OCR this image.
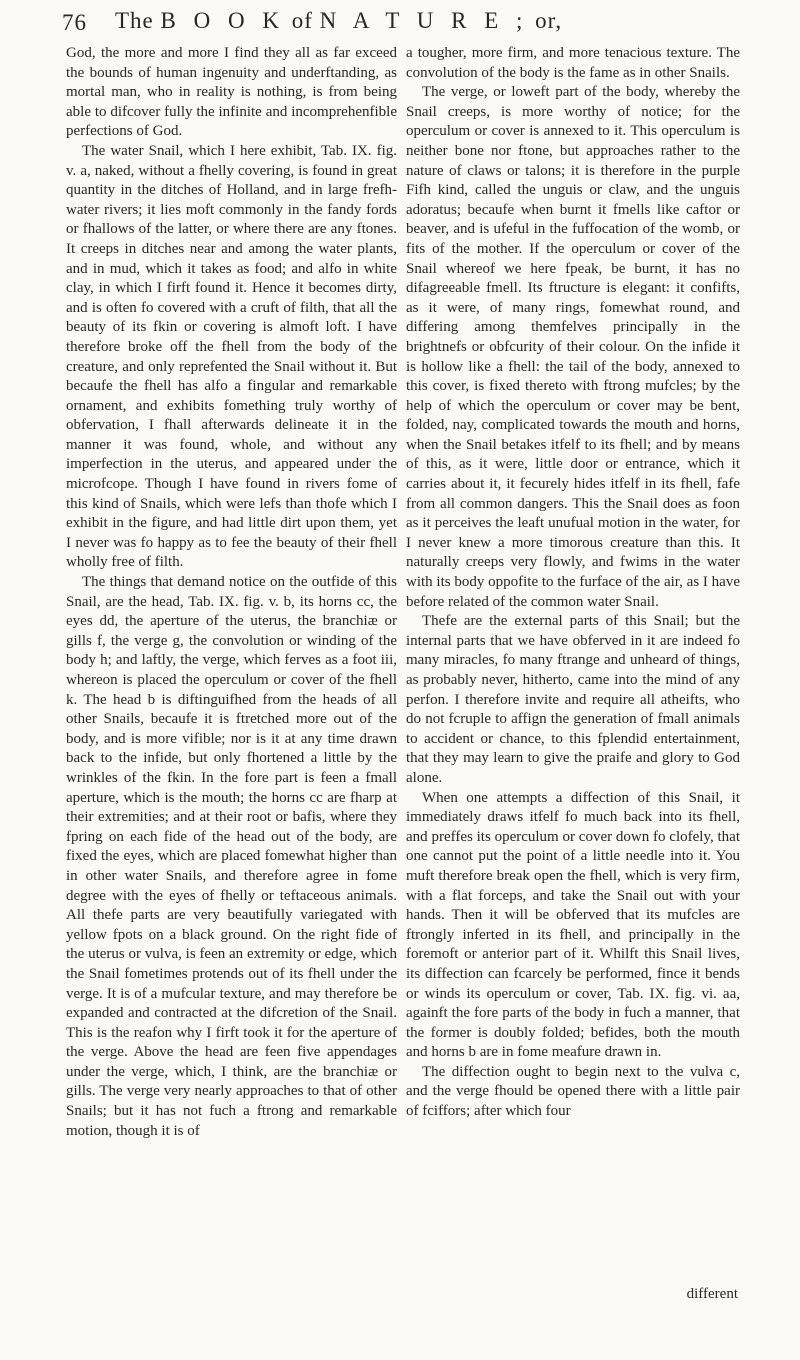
76 The B O O K of N A T U R E ; or,

God, the more and more I find they all as far exceed the bounds of human ingenuity and underftanding, as mortal man, who in reality is nothing, is from being able to difcover fully the infinite and incomprehenfible perfections of God.

The water Snail, which I here exhibit, Tab. IX. fig. v. a, naked, without a fhelly covering, is found in great quantity in the ditches of Holland, and in large frefh-water rivers; it lies moft commonly in the fandy fords or fhallows of the latter, or where there are any ftones. It creeps in ditches near and among the water plants, and in mud, which it takes as food; and alfo in white clay, in which I firft found it. Hence it becomes dirty, and is often fo covered with a cruft of filth, that all the beauty of its fkin or covering is almoft loft. I have therefore broke off the fhell from the body of the creature, and only reprefented the Snail without it. But becaufe the fhell has alfo a fingular and remarkable ornament, and exhibits fomething truly worthy of obfervation, I fhall afterwards delineate it in the manner it was found, whole, and without any imperfection in the uterus, and appeared under the microfcope. Though I have found in rivers fome of this kind of Snails, which were lefs than thofe which I exhibit in the figure, and had little dirt upon them, yet I never was fo happy as to fee the beauty of their fhell wholly free of filth.

The things that demand notice on the outfide of this Snail, are the head, Tab. IX. fig. v. b, its horns cc, the eyes dd, the aperture of the uterus, the branchiæ or gills f, the verge g, the convolution or winding of the body h; and laftly, the verge, which ferves as a foot iii, whereon is placed the operculum or cover of the fhell k. The head b is diftinguifhed from the heads of all other Snails, becaufe it is ftretched more out of the body, and is more vifible; nor is it at any time drawn back to the infide, but only fhortened a little by the wrinkles of the fkin. In the fore part is feen a fmall aperture, which is the mouth; the horns cc are fharp at their extremities; and at their root or bafis, where they fpring on each fide of the head out of the body, are fixed the eyes, which are placed fomewhat higher than in other water Snails, and therefore agree in fome degree with the eyes of fhelly or teftaceous animals. All thefe parts are very beautifully variegated with yellow fpots on a black ground. On the right fide of the uterus or vulva, is feen an extremity or edge, which the Snail fometimes protends out of its fhell under the verge. It is of a mufcular texture, and may therefore be expanded and contracted at the difcretion of the Snail. This is the reafon why I firft took it for the aperture of the verge. Above the head are feen five appendages under the verge, which, I think, are the branchiæ or gills. The verge very nearly approaches to that of other Snails; but it has not fuch a ftrong and remarkable motion, though it is of

a tougher, more firm, and more tenacious texture. The convolution of the body is the fame as in other Snails.

The verge, or loweft part of the body, whereby the Snail creeps, is more worthy of notice; for the operculum or cover is annexed to it. This operculum is neither bone nor ftone, but approaches rather to the nature of claws or talons; it is therefore in the purple Fifh kind, called the unguis or claw, and the unguis adoratus; becaufe when burnt it fmells like caftor or beaver, and is ufeful in the fuffocation of the womb, or fits of the mother. If the operculum or cover of the Snail whereof we here fpeak, be burnt, it has no difagreeable fmell. Its ftructure is elegant: it confifts, as it were, of many rings, fomewhat round, and differing among themfelves principally in the brightnefs or obfcurity of their colour. On the infide it is hollow like a fhell: the tail of the body, annexed to this cover, is fixed thereto with ftrong mufcles; by the help of which the operculum or cover may be bent, folded, nay, complicated towards the mouth and horns, when the Snail betakes itfelf to its fhell; and by means of this, as it were, little door or entrance, which it carries about it, it fecurely hides itfelf in its fhell, fafe from all common dangers. This the Snail does as foon as it perceives the leaft unufual motion in the water, for I never knew a more timorous creature than this. It naturally creeps very flowly, and fwims in the water with its body oppofite to the furface of the air, as I have before related of the common water Snail.

Thefe are the external parts of this Snail; but the internal parts that we have obferved in it are indeed fo many miracles, fo many ftrange and unheard of things, as probably never, hitherto, came into the mind of any perfon. I therefore invite and require all atheifts, who do not fcruple to affign the generation of fmall animals to accident or chance, to this fplendid entertainment, that they may learn to give the praife and glory to God alone.

When one attempts a diffection of this Snail, it immediately draws itfelf fo much back into its fhell, and preffes its operculum or cover down fo clofely, that one cannot put the point of a little needle into it. You muft therefore break open the fhell, which is very firm, with a flat forceps, and take the Snail out with your hands. Then it will be obferved that its mufcles are ftrongly inferted in its fhell, and principally in the foremoft or anterior part of it. Whilft this Snail lives, its diffection can fcarcely be performed, fince it bends or winds its operculum or cover, Tab. IX. fig. vi. aa, againft the fore parts of the body in fuch a manner, that the former is doubly folded; befides, both the mouth and horns b are in fome meafure drawn in.

The diffection ought to begin next to the vulva c, and the verge fhould be opened there with a little pair of fciffors; after which four

different
